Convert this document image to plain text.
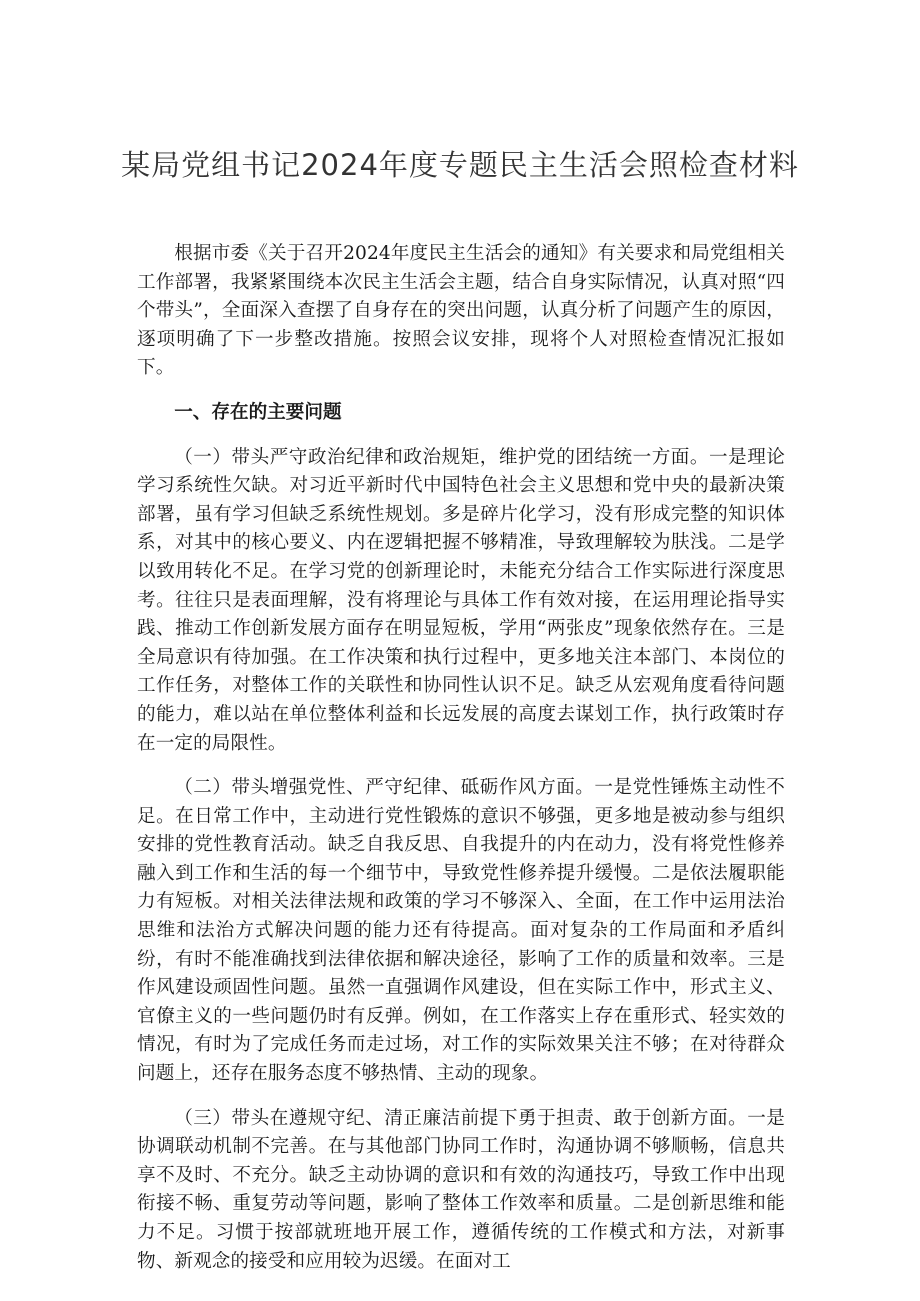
某局党组书记2024年度专题民主生活会照检查材料

根据市委《关于召开2024年度民主生活会的通知》有关要求和局党组相关工作部署，我紧紧围绕本次民主生活会主题，结合自身实际情况，认真对照“四个带头”，全面深入查摆了自身存在的突出问题，认真分析了问题产生的原因，逐项明确了下一步整改措施。按照会议安排，现将个人对照检查情况汇报如下。

一、存在的主要问题

（一）带头严守政治纪律和政治规矩，维护党的团结统一方面。一是理论学习系统性欠缺。对习近平新时代中国特色社会主义思想和党中央的最新决策部署，虽有学习但缺乏系统性规划。多是碎片化学习，没有形成完整的知识体系，对其中的核心要义、内在逻辑把握不够精准，导致理解较为肤浅。二是学以致用转化不足。在学习党的创新理论时，未能充分结合工作实际进行深度思考。往往只是表面理解，没有将理论与具体工作有效对接，在运用理论指导实践、推动工作创新发展方面存在明显短板，学用“两张皮”现象依然存在。三是全局意识有待加强。在工作决策和执行过程中，更多地关注本部门、本岗位的工作任务，对整体工作的关联性和协同性认识不足。缺乏从宏观角度看待问题的能力，难以站在单位整体利益和长远发展的高度去谋划工作，执行政策时存在一定的局限性。

（二）带头增强党性、严守纪律、砥砺作风方面。一是党性锤炼主动性不足。在日常工作中，主动进行党性锻炼的意识不够强，更多地是被动参与组织安排的党性教育活动。缺乏自我反思、自我提升的内在动力，没有将党性修养融入到工作和生活的每一个细节中，导致党性修养提升缓慢。二是依法履职能力有短板。对相关法律法规和政策的学习不够深入、全面，在工作中运用法治思维和法治方式解决问题的能力还有待提高。面对复杂的工作局面和矛盾纠纷，有时不能准确找到法律依据和解决途径，影响了工作的质量和效率。三是作风建设顽固性问题。虽然一直强调作风建设，但在实际工作中，形式主义、官僚主义的一些问题仍时有反弹。例如，在工作落实上存在重形式、轻实效的情况，有时为了完成任务而走过场，对工作的实际效果关注不够；在对待群众问题上，还存在服务态度不够热情、主动的现象。

（三）带头在遵规守纪、清正廉洁前提下勇于担责、敢于创新方面。一是协调联动机制不完善。在与其他部门协同工作时，沟通协调不够顺畅，信息共享不及时、不充分。缺乏主动协调的意识和有效的沟通技巧，导致工作中出现衔接不畅、重复劳动等问题，影响了整体工作效率和质量。二是创新思维和能力不足。习惯于按部就班地开展工作，遵循传统的工作模式和方法，对新事物、新观念的接受和应用较为迟缓。在面对工
